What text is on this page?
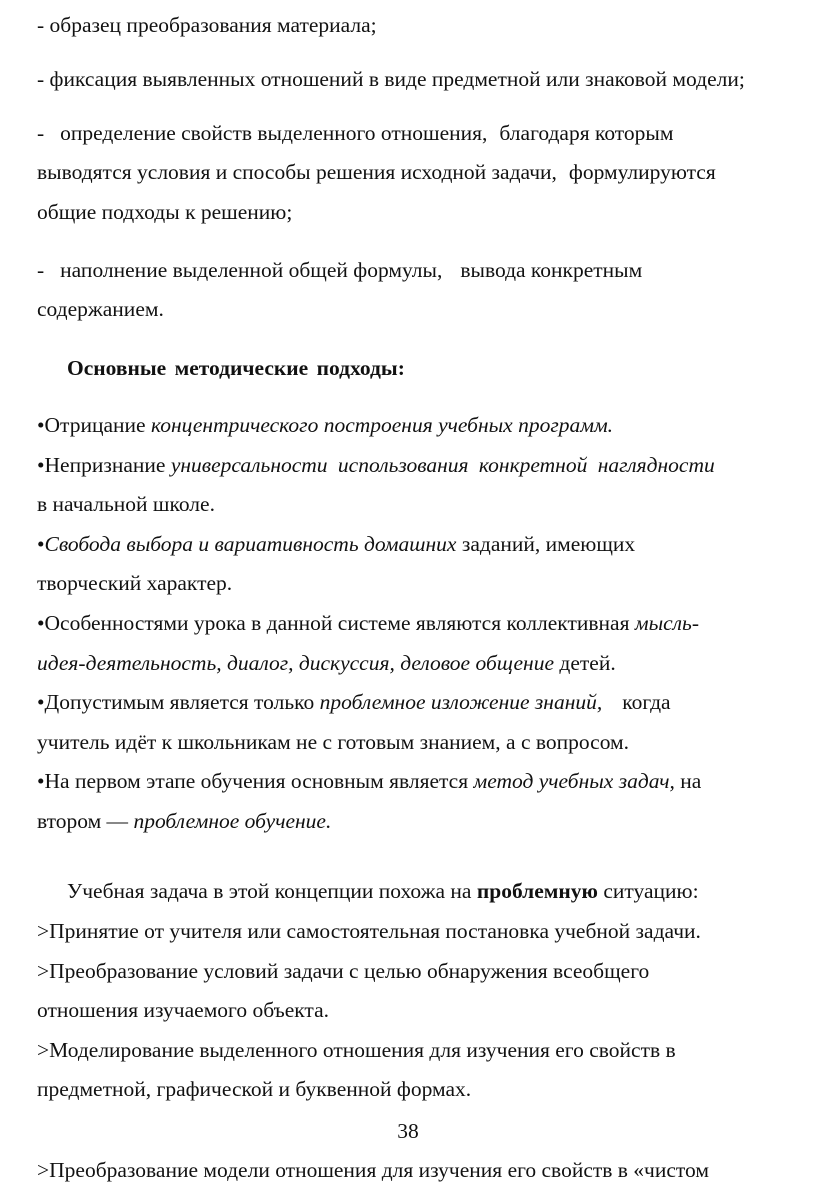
- образец преобразования материала;
- фиксация выявленных отношений в виде предметной или знаковой модели;
- определение свойств выделенного отношения, благодаря которым
выводятся условия и способы решения исходной задачи, формулируются
общие подходы к решению;
- наполнение выделенной общей формулы, вывода конкретным
содержанием.
Основные методические подходы:
•Отрицание концентрического построения учебных программ.
•Непризнание универсальности использования конкретной наглядности
в начальной школе.
•Свобода выбора и вариативность домашних заданий, имеющих
творческий характер.
•Особенностями урока в данной системе являются коллективная мысль-
идея-деятельность, диалог, дискуссия, деловое общение детей.
•Допустимым является только проблемное изложение знаний, когда
учитель идёт к школьникам не с готовым знанием, а с вопросом.
•На первом этапе обучения основным является метод учебных задач, на
втором — проблемное обучение.
Учебная задача в этой концепции похожа на проблемную ситуацию:
>Принятие от учителя или самостоятельная постановка учебной задачи.
>Преобразование условий задачи с целью обнаружения всеобщего
отношения изучаемого объекта.
>Моделирование выделенного отношения для изучения его свойств в
предметной, графической и буквенной формах.
38
>Преобразование модели отношения для изучения его свойств в «чистом
